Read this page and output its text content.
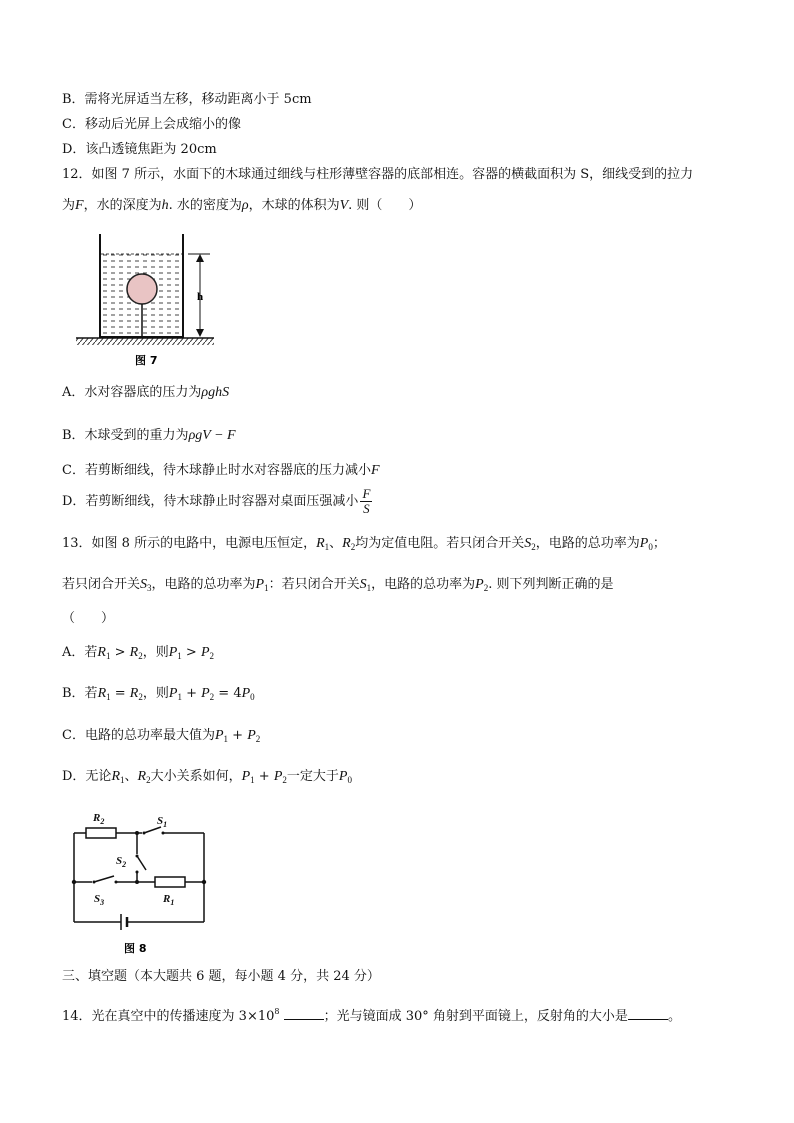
B．需将光屏适当左移，移动距离小于 5cm
C．移动后光屏上会成缩小的像
D．该凸透镜焦距为 20cm
12．如图 7 所示，水面下的木球通过细线与柱形薄壁容器的底部相连。容器的横截面积为 S，细线受到的拉力
为F，水的深度为h. 水的密度为ρ，木球的体积为V. 则（　　）
h
图 7
A．水对容器底的压力为ρghS
B．木球受到的重力为ρgV − F
C．若剪断细线，待木球静止时水对容器底的压力减小F
D．若剪断细线，待木球静止时容器对桌面压强减小 $\frac{F}{S}$
13．如图 8 所示的电路中，电源电压恒定，$R_1$、$R_2$均为定值电阻。若只闭合开关$S_2$，电路的总功率为$P_0$；
若只闭合开关$S_3$，电路的总功率为$P_1$：若只闭合开关$S_1$，电路的总功率为$P_2$. 则下列判断正确的是
（　　）
A．若$R_1 > R_2$，则$P_1 > P_2$
B．若$R_1 = R_2$，则$P_1 + P_2 = 4P_0$
C．电路的总功率最大值为$P_1 + P_2$
D．无论$R_1$、$R_2$大小关系如何，$P_1 + P_2$一定大于$P_0$
$R_2$	$S_1$
$S_2$
$S_3$	$R_1$
图 8
三、填空题（本大题共 6 题，每小题 4 分，共 24 分）
14．光在真空中的传播速度为 $3\times 10^8$	；光与镜面成 30° 角射到平面镜上，反射角的大小是	。
